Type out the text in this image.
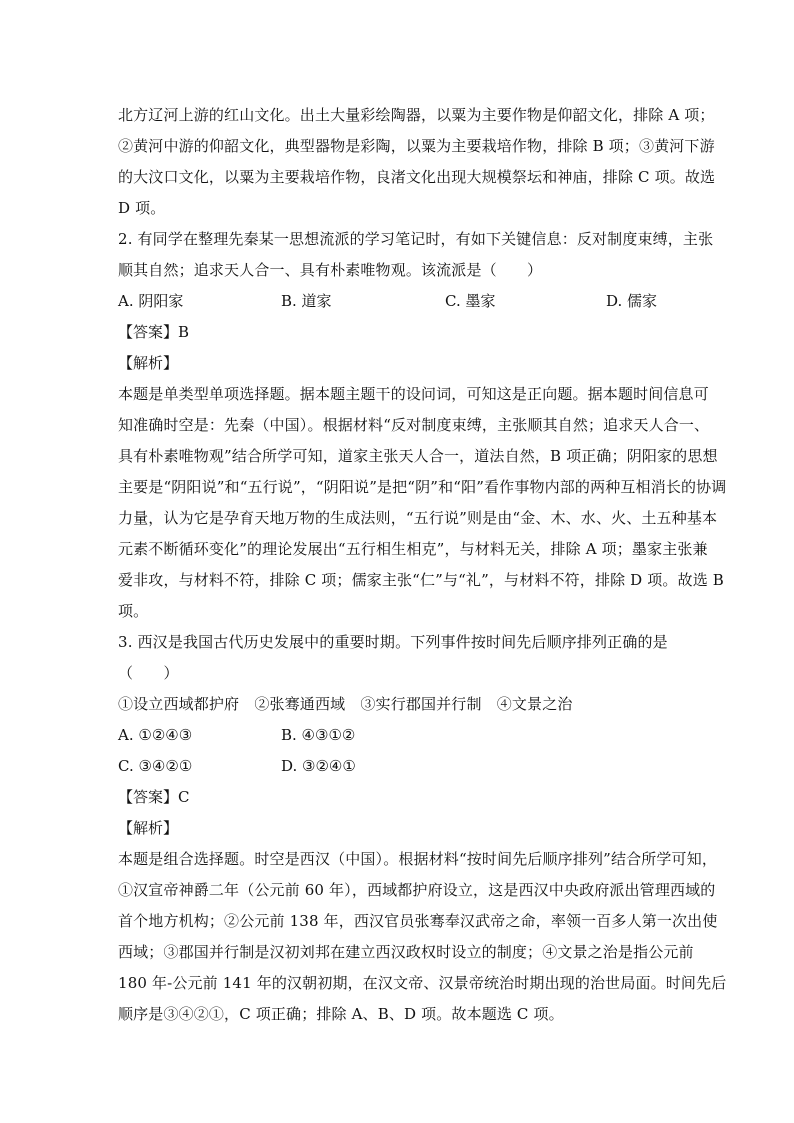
北方辽河上游的红山文化。出土大量彩绘陶器，以粟为主要作物是仰韶文化，排除 A 项；
②黄河中游的仰韶文化，典型器物是彩陶，以粟为主要栽培作物，排除 B 项；③黄河下游
的大汶口文化，以粟为主要栽培作物，良渚文化出现大规模祭坛和神庙，排除 C 项。故选
D 项。
2. 有同学在整理先秦某一思想流派的学习笔记时，有如下关键信息：反对制度束缚，主张
顺其自然；追求天人合一、具有朴素唯物观。该流派是（　　）
A. 阴阳家	B. 道家	C. 墨家	D. 儒家
【答案】B
【解析】
本题是单类型单项选择题。据本题主题干的设问词，可知这是正向题。据本题时间信息可
知准确时空是：先秦（中国）。根据材料“反对制度束缚，主张顺其自然；追求天人合一、
具有朴素唯物观”结合所学可知，道家主张天人合一，道法自然，B 项正确；阴阳家的思想
主要是“阴阳说”和“五行说”，“阴阳说”是把“阴”和“阳”看作事物内部的两种互相消长的协调
力量，认为它是孕育天地万物的生成法则，“五行说”则是由“金、木、水、火、土五种基本
元素不断循环变化”的理论发展出“五行相生相克”，与材料无关，排除 A 项；墨家主张兼
爱非攻，与材料不符，排除 C 项；儒家主张“仁”与“礼”，与材料不符，排除 D 项。故选 B
项。
3. 西汉是我国古代历史发展中的重要时期。下列事件按时间先后顺序排列正确的是
（　　）
①设立西域都护府　②张骞通西域　③实行郡国并行制　④文景之治
A. ①②④③	B. ④③①②
C. ③④②①	D. ③②④①
【答案】C
【解析】
本题是组合选择题。时空是西汉（中国）。根据材料“按时间先后顺序排列”结合所学可知，
①汉宣帝神爵二年（公元前 60 年），西域都护府设立，这是西汉中央政府派出管理西域的
首个地方机构；②公元前 138 年，西汉官员张骞奉汉武帝之命，率领一百多人第一次出使
西域；③郡国并行制是汉初刘邦在建立西汉政权时设立的制度；④文景之治是指公元前
180 年-公元前 141 年的汉朝初期，在汉文帝、汉景帝统治时期出现的治世局面。时间先后
顺序是③④②①，C 项正确；排除 A、B、D 项。故本题选 C 项。
